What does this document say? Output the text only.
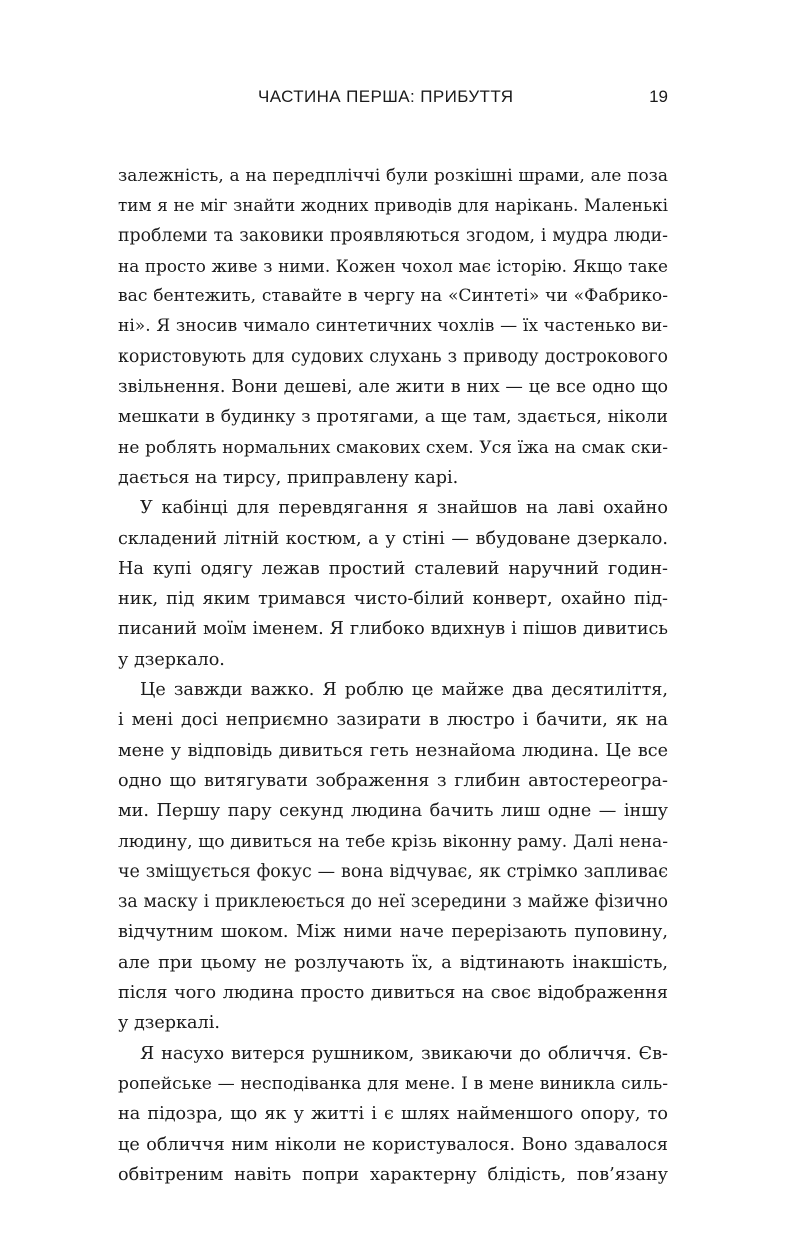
ЧАСТИНА ПЕРША: ПРИБУТТЯ	19
залежність, а на передпліччі були розкішні шрами, але поза
тим я не міг знайти жодних приводів для нарікань. Маленькі
проблеми та заковики проявляються згодом, і мудра люди-
на просто живе з ними. Кожен чохол має історію. Якщо таке
вас бентежить, ставайте в чергу на «Синтеті» чи «Фабрико-
ні». Я зносив чимало синтетичних чохлів — їх частенько ви-
користовують для судових слухань з приводу дострокового
звільнення. Вони дешеві, але жити в них — це все одно що
мешкати в будинку з протягами, а ще там, здається, ніколи
не роблять нормальних смакових схем. Уся їжа на смак ски-
дається на тирсу, приправлену карі.
У кабінці для перевдягання я знайшов на лаві охайно
складений літній костюм, а у стіні — вбудоване дзеркало.
На купі одягу лежав простий сталевий наручний годин-
ник, під яким тримався чисто-білий конверт, охайно під-
писаний моїм іменем. Я глибоко вдихнув і пішов дивитись
у дзеркало.
Це завжди важко. Я роблю це майже два десятиліття,
і мені досі неприємно зазирати в люстро і бачити, як на
мене у відповідь дивиться геть незнайома людина. Це все
одно що витягувати зображення з глибин автостереогра-
ми. Першу пару секунд людина бачить лиш одне — іншу
людину, що дивиться на тебе крізь віконну раму. Далі нена-
че зміщується фокус — вона відчуває, як стрімко запливає
за маску і приклеюється до неї зсередини з майже фізично
відчутним шоком. Між ними наче перерізають пуповину,
але при цьому не розлучають їх, а відтинають інакшість,
після чого людина просто дивиться на своє відображення
у дзеркалі.
Я насухо витерся рушником, звикаючи до обличчя. Єв-
ропейське — несподіванка для мене. І в мене виникла силь-
на підозра, що як у житті і є шлях найменшого опору, то
це обличчя ним ніколи не користувалося. Воно здавалося
обвітреним навіть попри характерну блідість, пов’язану
